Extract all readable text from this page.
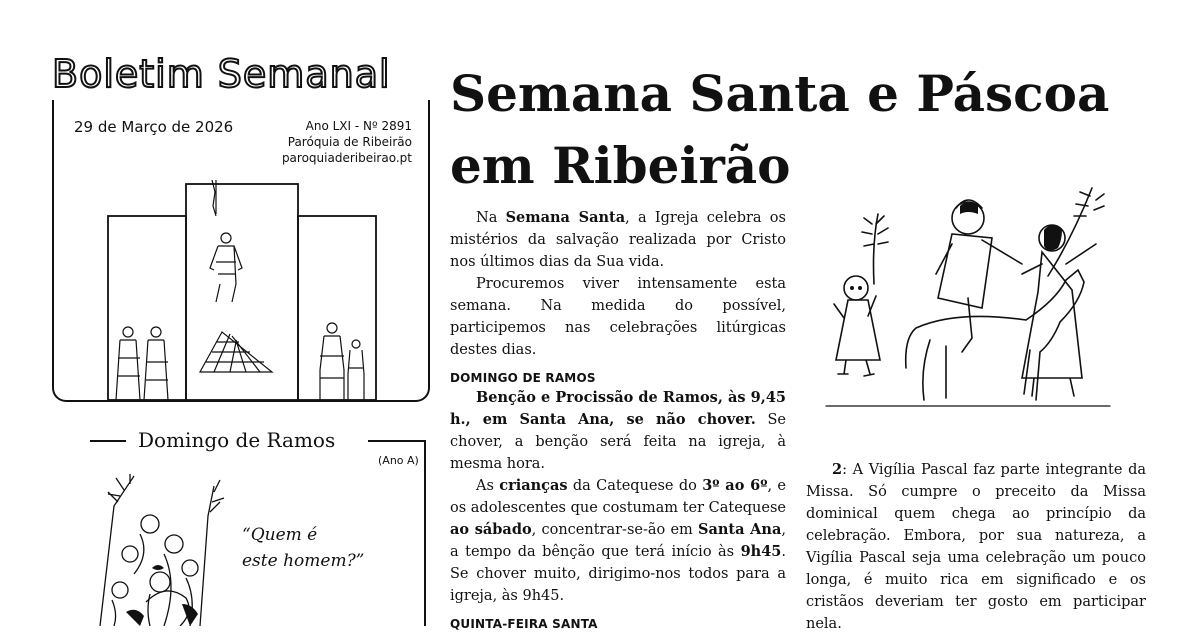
Boletim Semanal
29 de Março de 2026	Ano LXI - Nº 2891
Paróquia de Ribeirão
paroquiaderibeirao.pt
Domingo de Ramos
(Ano A)
“Quem é
este homem?”
Semana Santa e Páscoa
em Ribeirão

Na Semana Santa, a Igreja celebra os mistérios da salvação realizada por Cristo nos últimos dias da Sua vida.

Procuremos viver intensamente esta semana. Na medida do possível, participemos nas celebrações litúrgicas destes dias.

DOMINGO DE RAMOS

Benção e Procissão de Ramos, às 9,45 h., em Santa Ana, se não chover. Se chover, a benção será feita na igreja, à mesma hora.

As crianças da Catequese do 3º ao 6º, e os adolescentes que costumam ter Catequese ao sábado, concentrar-se-ão em Santa Ana, a tempo da bênção que terá início às 9h45. Se chover muito, dirigimo-nos todos para a igreja, às 9h45.

QUINTA-FEIRA SANTA

2: A Vigília Pascal faz parte integrante da Missa. Só cumpre o preceito da Missa dominical quem chega ao princípio da celebração. Embora, por sua natureza, a Vigília Pascal seja uma celebração um pouco longa, é muito rica em significado e os cristãos deveriam ter gosto em participar nela.
